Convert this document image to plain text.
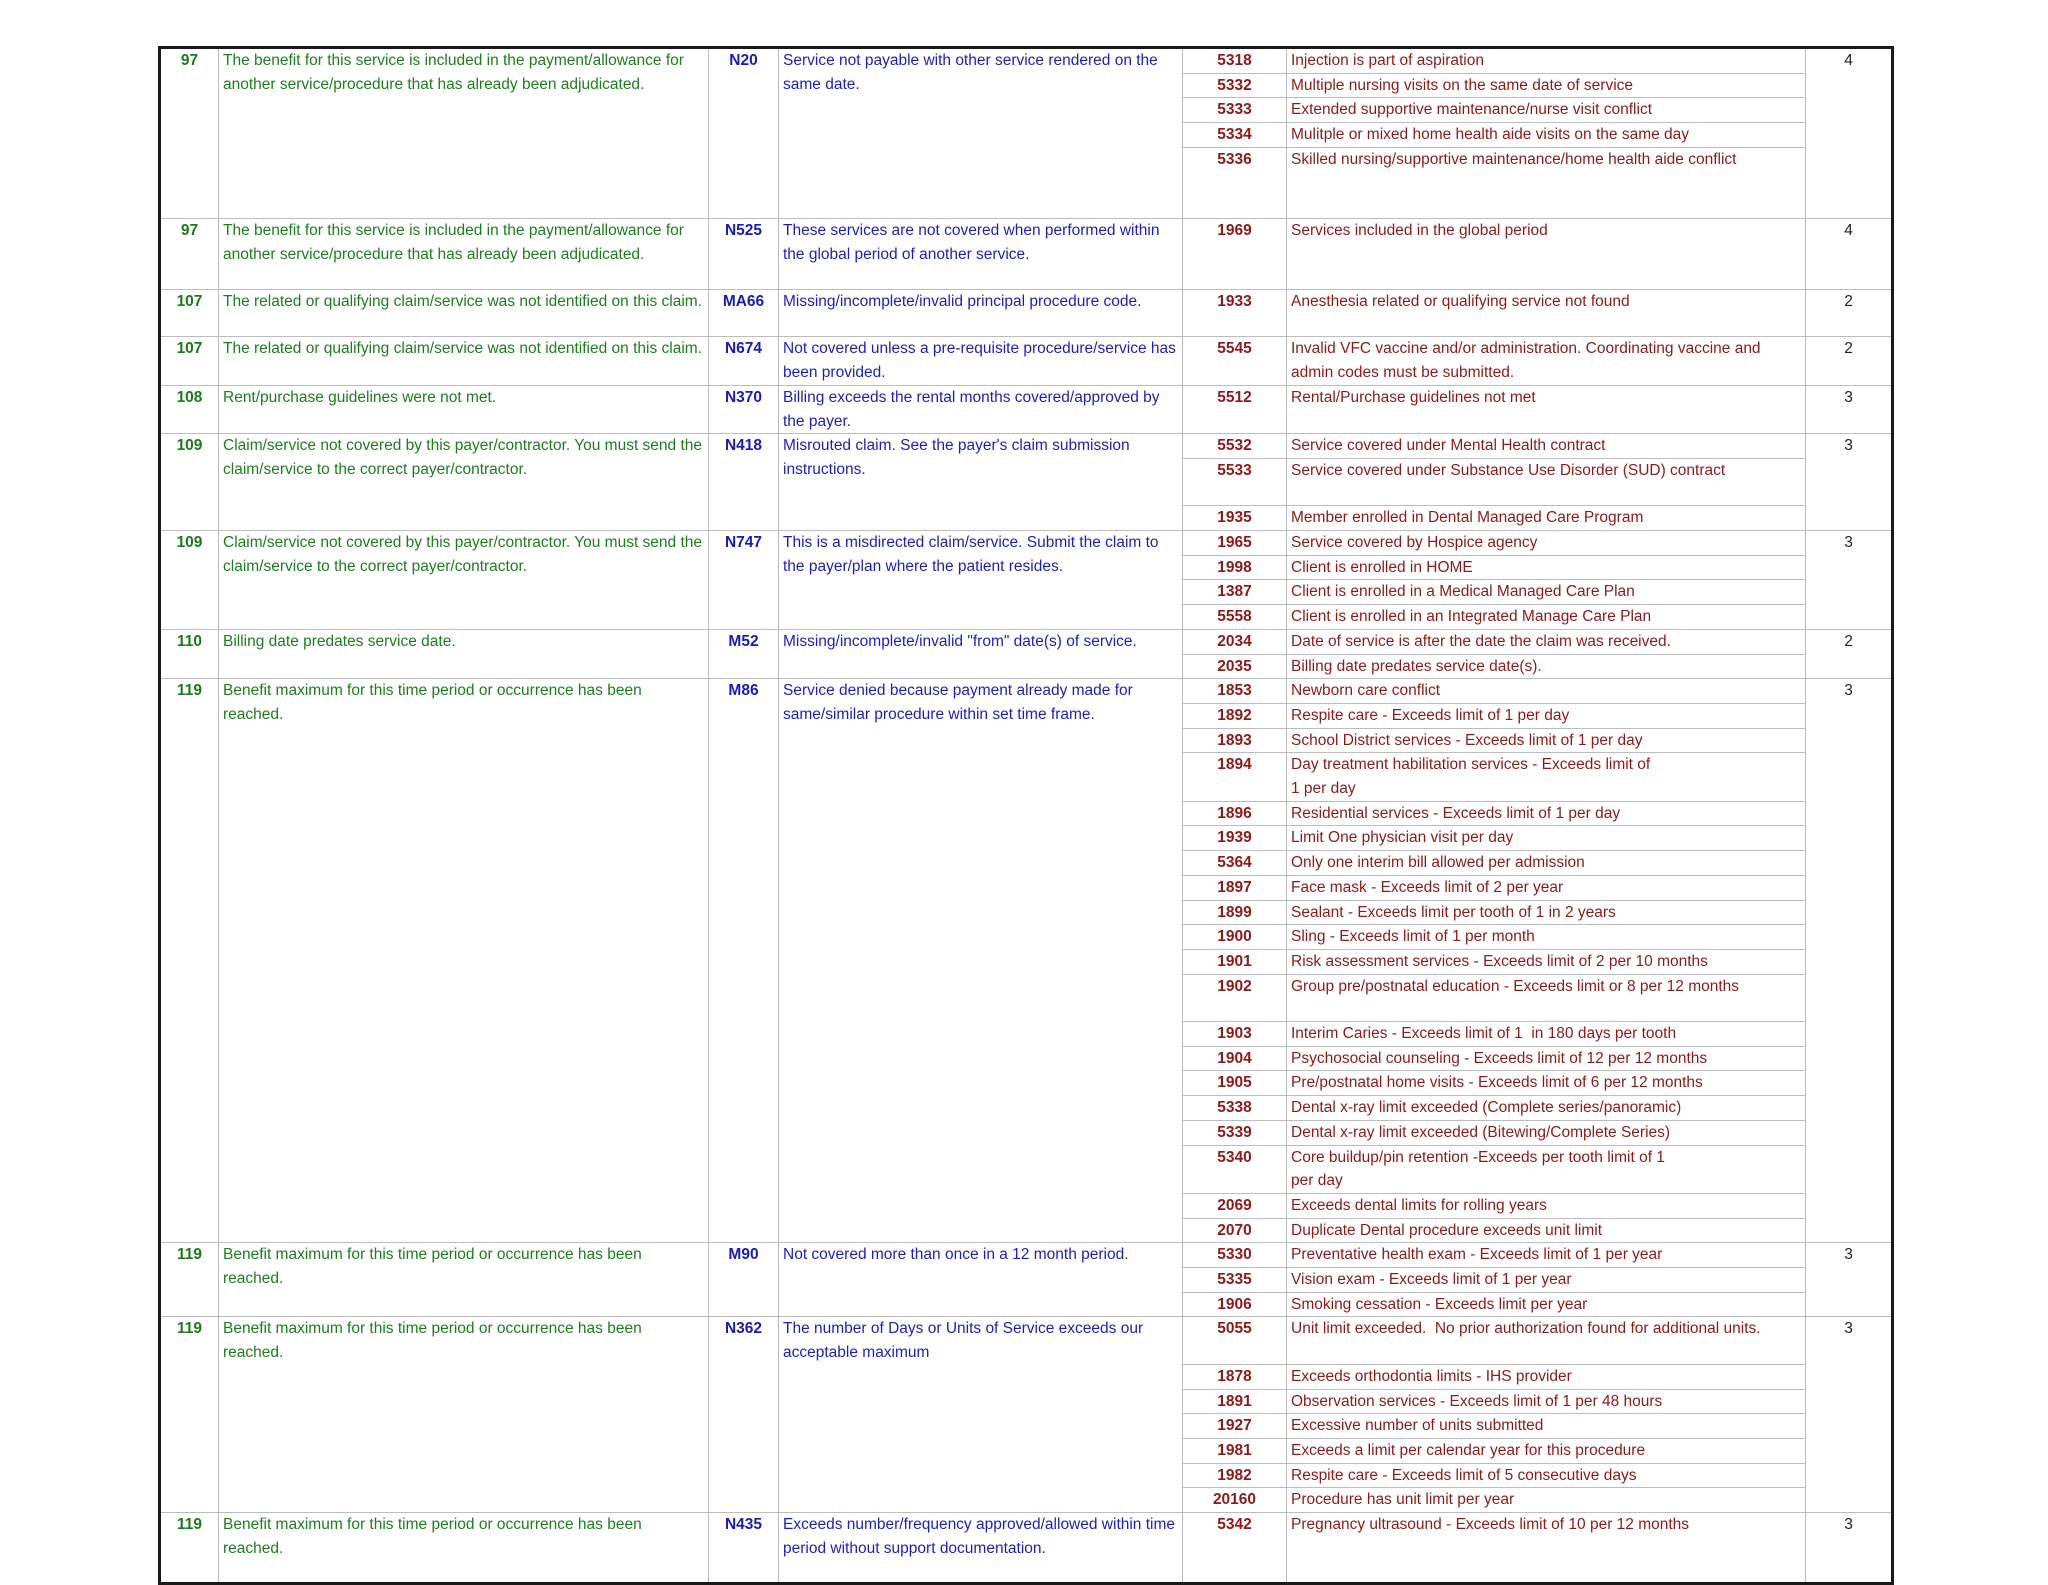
97	The benefit for this service is included in the payment/allowance for another service/procedure that has already been adjudicated.	N20	Service not payable with other service rendered on the same date.	5318	Injection is part of aspiration	4
				5332	Multiple nursing visits on the same date of service	
				5333	Extended supportive maintenance/nurse visit conflict	
				5334	Mulitple or mixed home health aide visits on the same day	
				5336	Skilled nursing/supportive maintenance/home health aide conflict	
97	The benefit for this service is included in the payment/allowance for another service/procedure that has already been adjudicated.	N525	These services are not covered when performed within the global period of another service.	1969	Services included in the global period	4
107	The related or qualifying claim/service was not identified on this claim.	MA66	Missing/incomplete/invalid principal procedure code.	1933	Anesthesia related or qualifying service not found	2
107	The related or qualifying claim/service was not identified on this claim.	N674	Not covered unless a pre-requisite procedure/service has been provided.	5545	Invalid VFC vaccine and/or administration. Coordinating vaccine and admin codes must be submitted.	2
108	Rent/purchase guidelines were not met.	N370	Billing exceeds the rental months covered/approved by the payer.	5512	Rental/Purchase guidelines not met	3
109	Claim/service not covered by this payer/contractor. You must send the claim/service to the correct payer/contractor.	N418	Misrouted claim. See the payer's claim submission instructions.	5532	Service covered under Mental Health contract	3
				5533	Service covered under Substance Use Disorder (SUD) contract	
				1935	Member enrolled in Dental Managed Care Program	
109	Claim/service not covered by this payer/contractor. You must send the claim/service to the correct payer/contractor.	N747	This is a misdirected claim/service. Submit the claim to the payer/plan where the patient resides.	1965	Service covered by Hospice agency	3
				1998	Client is enrolled in HOME	
				1387	Client is enrolled in a Medical Managed Care Plan	
				5558	Client is enrolled in an Integrated Manage Care Plan	
110	Billing date predates service date.	M52	Missing/incomplete/invalid "from" date(s) of service.	2034	Date of service is after the date the claim was received.	2
				2035	Billing date predates service date(s).	
119	Benefit maximum for this time period or occurrence has been reached.	M86	Service denied because payment already made for same/similar procedure within set time frame.	1853	Newborn care conflict	3
				1892	Respite care - Exceeds limit of 1 per day	
				1893	School District services - Exceeds limit of 1 per day	
				1894	Day treatment habilitation services - Exceeds limit of 1 per day	
				1896	Residential services - Exceeds limit of 1 per day	
				1939	Limit One physician visit per day	
				5364	Only one interim bill allowed per admission	
				1897	Face mask - Exceeds limit of 2 per year	
				1899	Sealant - Exceeds limit per tooth of 1 in 2 years	
				1900	Sling - Exceeds limit of 1 per month	
				1901	Risk assessment services - Exceeds limit of 2 per 10 months	
				1902	Group pre/postnatal education - Exceeds limit or 8 per 12 months	
				1903	Interim Caries - Exceeds limit of 1  in 180 days per tooth	
				1904	Psychosocial counseling - Exceeds limit of 12 per 12 months	
				1905	Pre/postnatal home visits - Exceeds limit of 6 per 12 months	
				5338	Dental x-ray limit exceeded (Complete series/panoramic)	
				5339	Dental x-ray limit exceeded (Bitewing/Complete Series)	
				5340	Core buildup/pin retention -Exceeds per tooth limit of 1 per day	
				2069	Exceeds dental limits for rolling years	
				2070	Duplicate Dental procedure exceeds unit limit	
119	Benefit maximum for this time period or occurrence has been reached.	M90	Not covered more than once in a 12 month period.	5330	Preventative health exam - Exceeds limit of 1 per year	3
				5335	Vision exam - Exceeds limit of 1 per year	
				1906	Smoking cessation - Exceeds limit per year	
119	Benefit maximum for this time period or occurrence has been reached.	N362	The number of Days or Units of Service exceeds our acceptable maximum	5055	Unit limit exceeded.  No prior authorization found for additional units.	3
				1878	Exceeds orthodontia limits - IHS provider	
				1891	Observation services - Exceeds limit of 1 per 48 hours	
				1927	Excessive number of units submitted	
				1981	Exceeds a limit per calendar year for this procedure	
				1982	Respite care - Exceeds limit of 5 consecutive days	
				20160	Procedure has unit limit per year	
119	Benefit maximum for this time period or occurrence has been reached.	N435	Exceeds number/frequency approved/allowed within time period without support documentation.	5342	Pregnancy ultrasound - Exceeds limit of 10 per 12 months	3
